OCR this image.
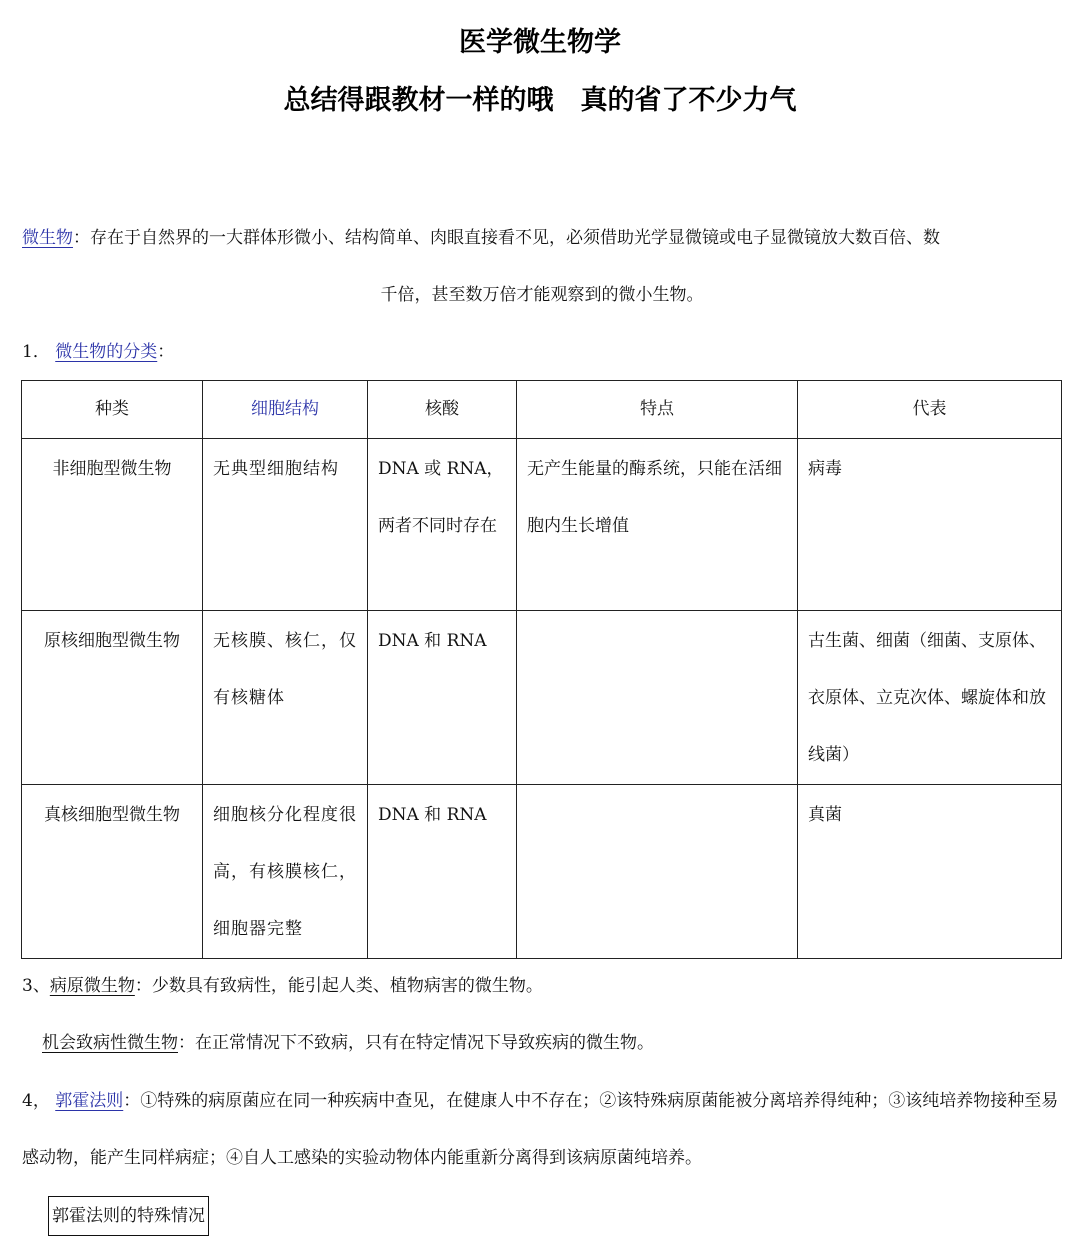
医学微生物学
总结得跟教材一样的哦　真的省了不少力气

微生物：存在于自然界的一大群体形微小、结构简单、肉眼直接看不见，必须借助光学显微镜或电子显微镜放大数百倍、数
千倍，甚至数万倍才能观察到的微小生物。

1． 微生物的分类：

种类	细胞结构	核酸	特点	代表

非细胞型微生物	无典型细胞结构	DNA 或 RNA，两者不同时存在	无产生能量的酶系统，只能在活细胞内生长增值	病毒

原核细胞型微生物	无核膜、核仁，仅有核糖体	DNA 和 RNA		古生菌、细菌（细菌、支原体、衣原体、立克次体、螺旋体和放线菌）

真核细胞型微生物	细胞核分化程度很高，有核膜核仁，细胞器完整	DNA 和 RNA		真菌

3、病原微生物：少数具有致病性，能引起人类、植物病害的微生物。

机会致病性微生物：在正常情况下不致病，只有在特定情况下导致疾病的微生物。

4， 郭霍法则：①特殊的病原菌应在同一种疾病中查见，在健康人中不存在；②该特殊病原菌能被分离培养得纯种；③该纯培养物接种至易感动物，能产生同样病症；④自人工感染的实验动物体内能重新分离得到该病原菌纯培养。

郭霍法则的特殊情况
